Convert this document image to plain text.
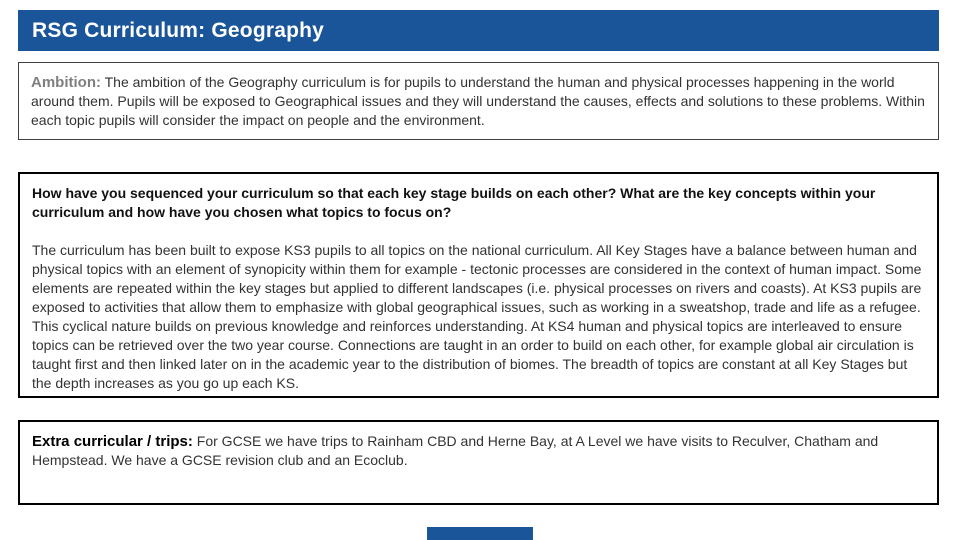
RSG Curriculum: Geography

Ambition: The ambition of the Geography curriculum is for pupils to understand the human and physical processes happening in the world around them. Pupils will be exposed to Geographical issues and they will understand the causes, effects and solutions to these problems. Within each topic pupils will consider the impact on people and the environment.

How have you sequenced your curriculum so that each key stage builds on each other? What are the key concepts within your curriculum and how have you chosen what topics to focus on?

The curriculum has been built to expose KS3 pupils to all topics on the national curriculum. All Key Stages have a balance between human and physical topics with an element of synopicity within them for example - tectonic processes are considered in the context of human impact. Some elements are repeated within the key stages but applied to different landscapes (i.e. physical processes on rivers and coasts). At KS3 pupils are exposed to activities that allow them to emphasize with global geographical issues, such as working in a sweatshop, trade and life as a refugee. This cyclical nature builds on previous knowledge and reinforces understanding. At KS4 human and physical topics are interleaved to ensure topics can be retrieved over the two year course. Connections are taught in an order to build on each other, for example global air circulation is taught first and then linked later on in the academic year to the distribution of biomes. The breadth of topics are constant at all Key Stages but the depth increases as you go up each KS.

Extra curricular / trips: For GCSE we have trips to Rainham CBD and Herne Bay, at A Level we have visits to Reculver, Chatham and Hempstead. We have a GCSE revision club and an Ecoclub.
